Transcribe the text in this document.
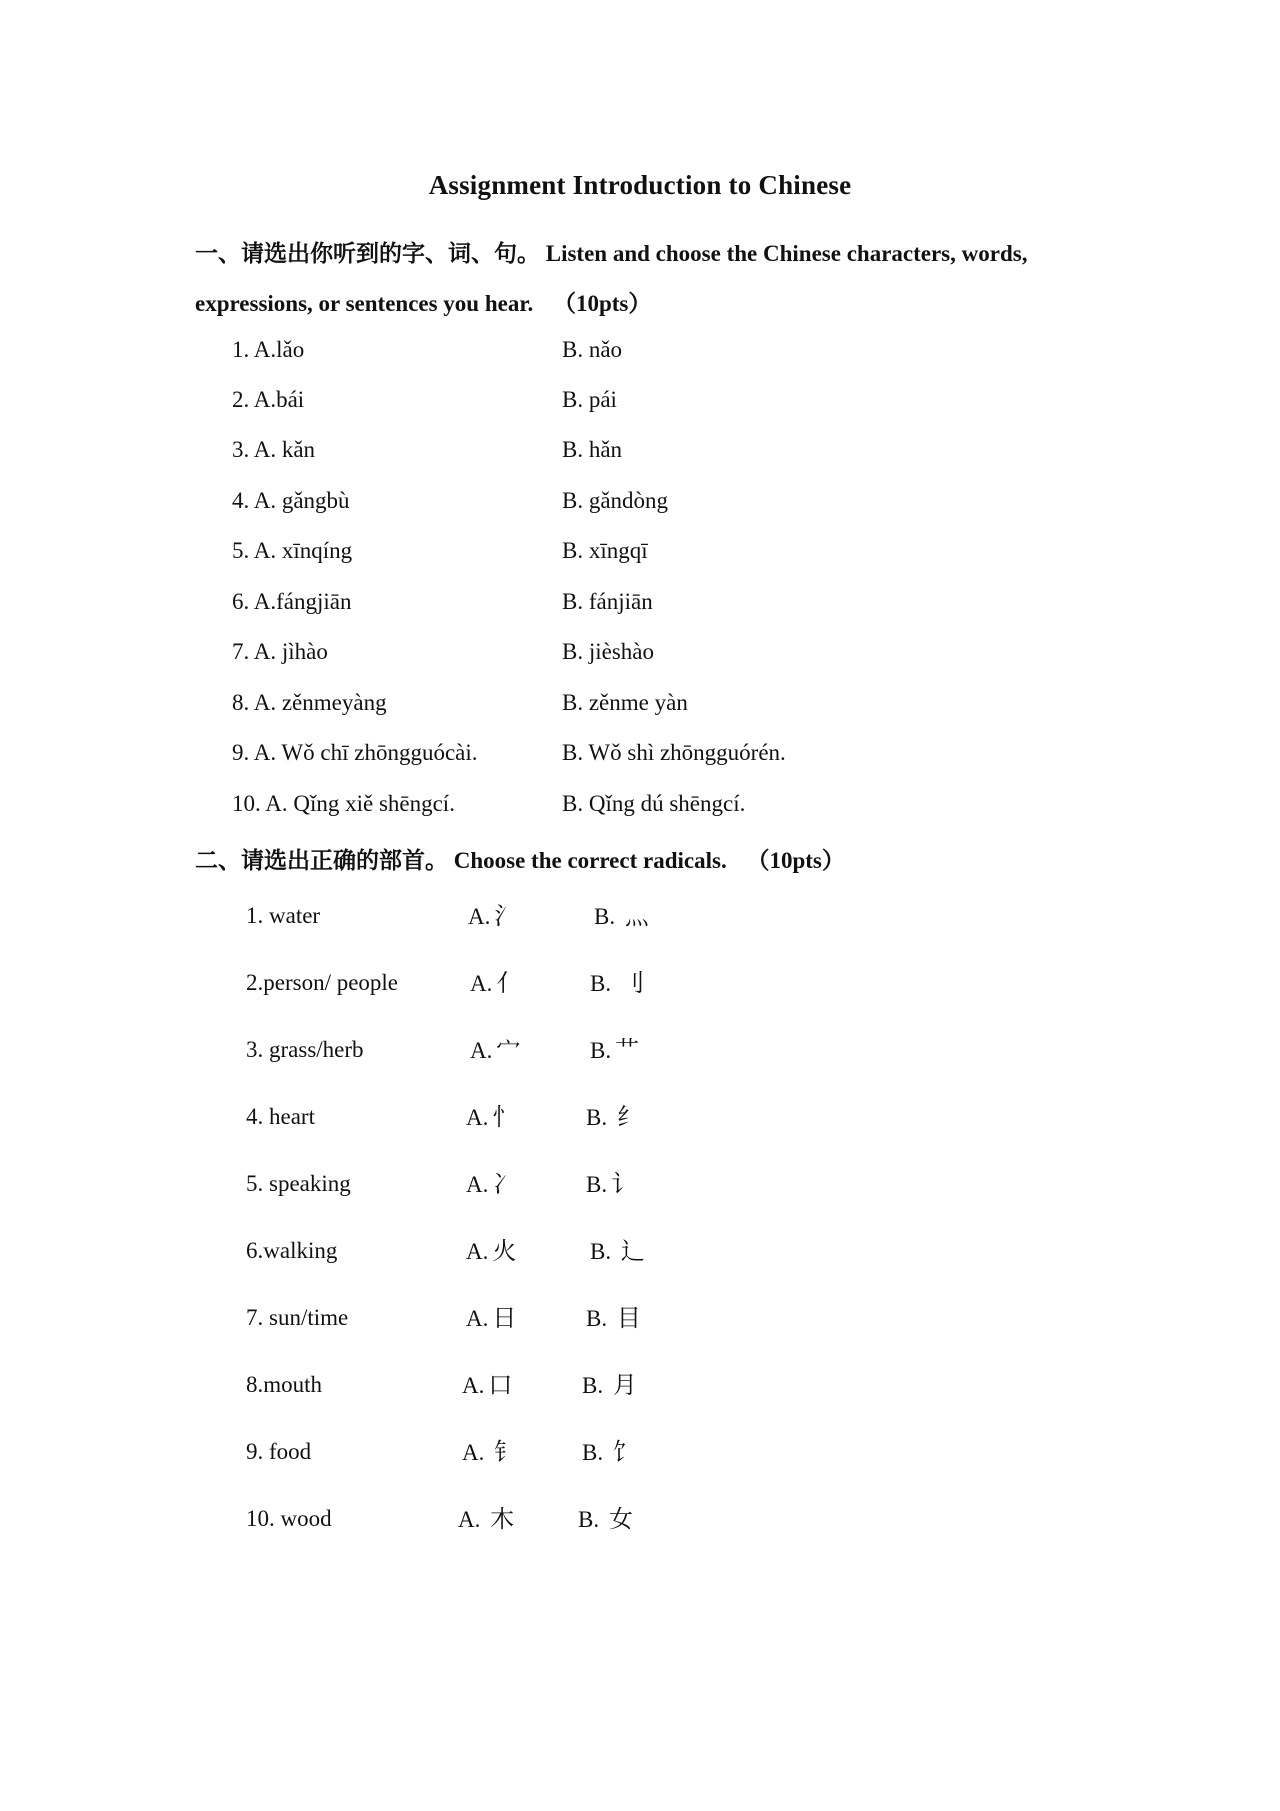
Assignment Introduction to Chinese
一、请选出你听到的字、词、句。 Listen and choose the Chinese characters, words,
expressions, or sentences you hear. （10pts）
1. A.lǎo	B. nǎo
2. A.bái	B. pái
3. A. kǎn	B. hǎn
4. A. gǎngbù	B. gǎndòng
5. A. xīnqíng	B. xīngqī
6. A.fángjiān	B. fánjiān
7. A. jìhào	B. jièshào
8. A. zěnmeyàng	B. zěnme yàn
9. A. Wǒ chī zhōngguócài.	B. Wǒ shì zhōngguórén.
10. A. Qǐng xiě shēngcí.	B. Qǐng dú shēngcí.
二、请选出正确的部首。 Choose the correct radicals. （10pts）
1. water	A. 氵	B. 灬
2.person/ people	A. 亻	B. 刂
3. grass/herb	A. 宀	B. 艹
4. heart	A. 忄	B. 纟
5. speaking	A. 冫	B. 讠
6.walking	A. 火	B. 辶
7. sun/time	A. 日	B. 目
8.mouth	A. 口	B. 月
9. food	A. 钅	B. 饣
10. wood	A. 木	B. 女
